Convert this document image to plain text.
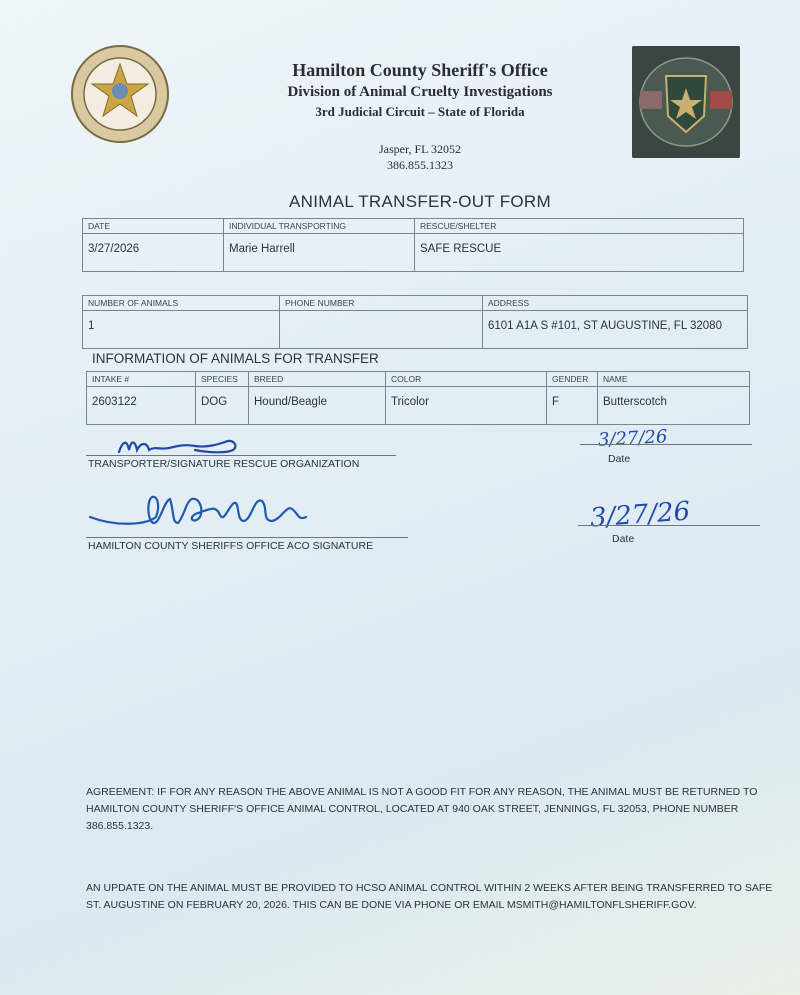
Hamilton County Sheriff's Office
Division of Animal Cruelty Investigations
3rd Judicial Circuit – State of Florida
Jasper, FL 32052
386.855.1323
ANIMAL TRANSFER-OUT FORM
DATE	INDIVIDUAL TRANSPORTING	RESCUE/SHELTER
3/27/2026	Marie Harrell	SAFE RESCUE
NUMBER OF ANIMALS	PHONE NUMBER	ADDRESS
1		6101 A1A S #101, ST AUGUSTINE, FL 32080
INFORMATION OF ANIMALS FOR TRANSFER
INTAKE #	SPECIES	BREED	COLOR	GENDER	NAME
2603122	DOG	Hound/Beagle	Tricolor	F	Butterscotch
TRANSPORTER/SIGNATURE RESCUE ORGANIZATION
3/27/26
Date
HAMILTON COUNTY SHERIFFS OFFICE ACO SIGNATURE
3/27/26
Date
AGREEMENT: IF FOR ANY REASON THE ABOVE ANIMAL IS NOT A GOOD FIT FOR ANY REASON, THE ANIMAL MUST BE RETURNED TO HAMILTON COUNTY SHERIFF'S OFFICE ANIMAL CONTROL, LOCATED AT 940 OAK STREET, JENNINGS, FL 32053, PHONE NUMBER 386.855.1323.
AN UPDATE ON THE ANIMAL MUST BE PROVIDED TO HCSO ANIMAL CONTROL WITHIN 2 WEEKS AFTER BEING TRANSFERRED TO SAFE ST. AUGUSTINE ON FEBRUARY 20, 2026. THIS CAN BE DONE VIA PHONE OR EMAIL MSMITH@HAMILTONFLSHERIFF.GOV.
